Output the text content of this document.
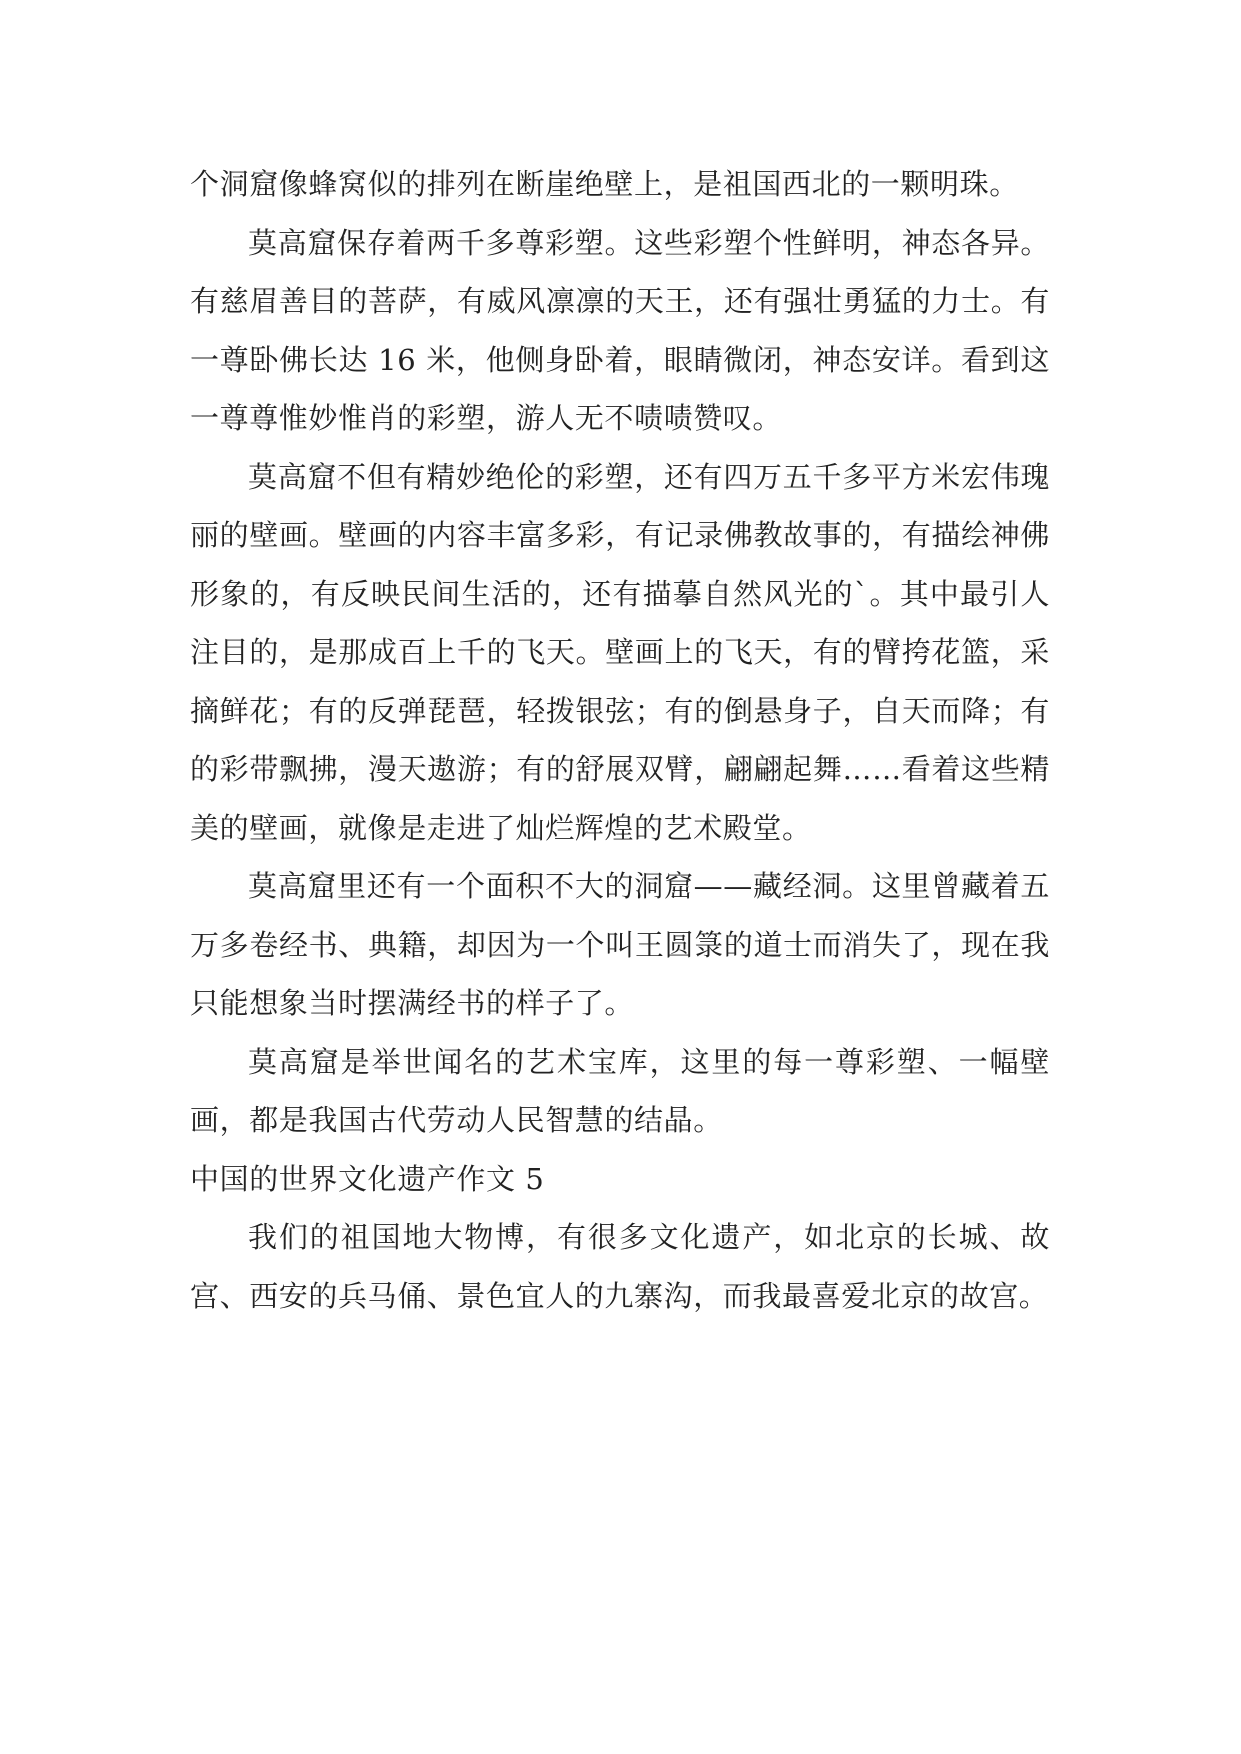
个洞窟像蜂窝似的排列在断崖绝壁上，是祖国西北的一颗明珠。

莫高窟保存着两千多尊彩塑。这些彩塑个性鲜明，神态各异。有慈眉善目的菩萨，有威风凛凛的天王，还有强壮勇猛的力士。有一尊卧佛长达 16 米，他侧身卧着，眼睛微闭，神态安详。看到这一尊尊惟妙惟肖的彩塑，游人无不啧啧赞叹。

莫高窟不但有精妙绝伦的彩塑，还有四万五千多平方米宏伟瑰丽的壁画。壁画的内容丰富多彩，有记录佛教故事的，有描绘神佛形象的，有反映民间生活的，还有描摹自然风光的`。其中最引人注目的，是那成百上千的飞天。壁画上的飞天，有的臂挎花篮，采摘鲜花；有的反弹琵琶，轻拨银弦；有的倒悬身子，自天而降；有的彩带飘拂，漫天遨游；有的舒展双臂，翩翩起舞……看着这些精美的壁画，就像是走进了灿烂辉煌的艺术殿堂。

莫高窟里还有一个面积不大的洞窟——藏经洞。这里曾藏着五万多卷经书、典籍，却因为一个叫王圆箓的道士而消失了，现在我只能想象当时摆满经书的样子了。

莫高窟是举世闻名的艺术宝库，这里的每一尊彩塑、一幅壁画，都是我国古代劳动人民智慧的结晶。

中国的世界文化遗产作文 5

我们的祖国地大物博，有很多文化遗产，如北京的长城、故宫、西安的兵马俑、景色宜人的九寨沟，而我最喜爱北京的故宫。
